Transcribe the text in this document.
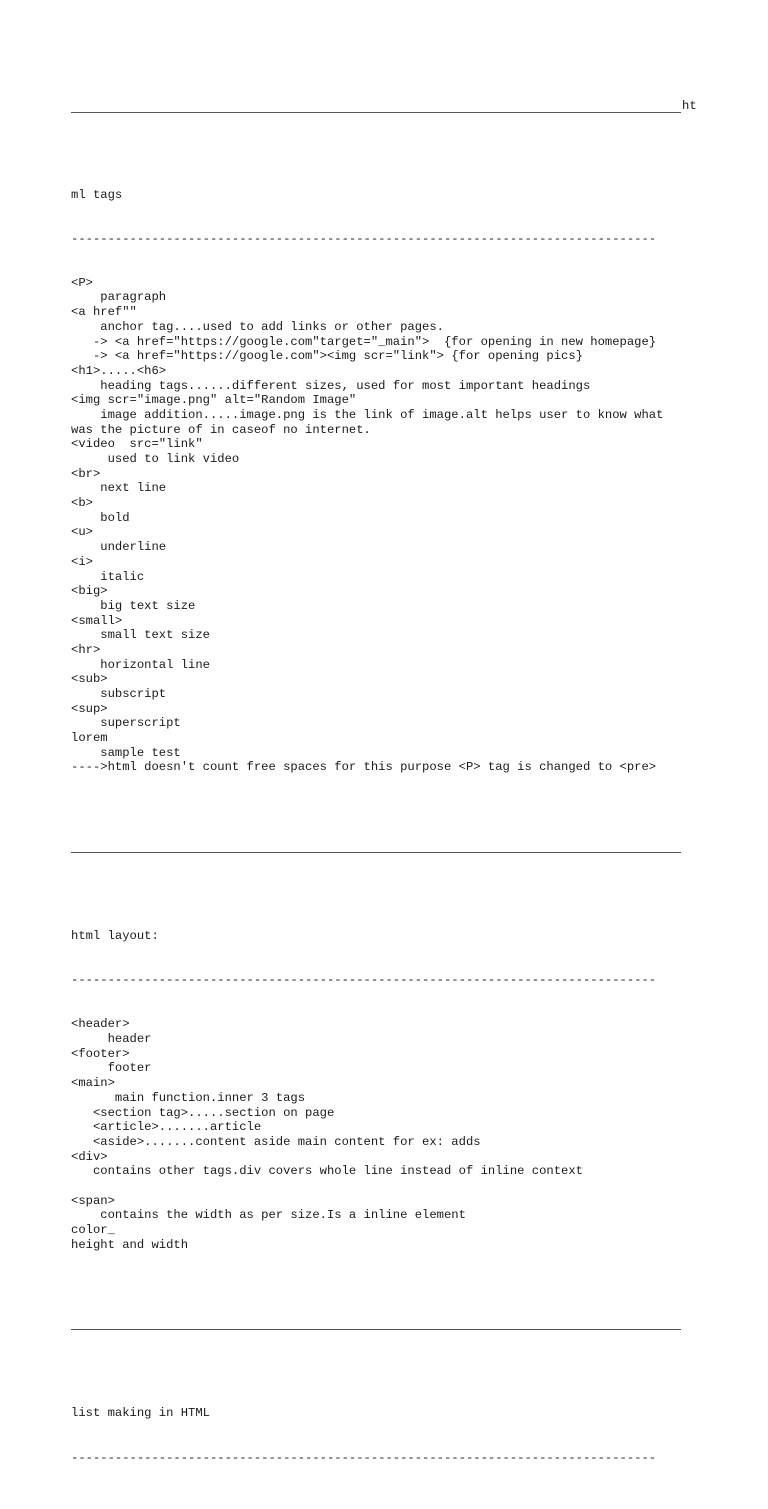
ht

ml tags

--------------------------------------------------------------------------------

<P>
paragraph
<a href""
anchor tag....used to add links or other pages.
-> <a href="https://google.com"target="_main">  {for opening in new homepage}
-> <a href="https://google.com"><img scr="link"> {for opening pics}
<h1>.....<h6>
heading tags......different sizes, used for most important headings
<img scr="image.png" alt="Random Image"
image addition.....image.png is the link of image.alt helps user to know what
was the picture of in caseof no internet.
<video  src="link"
used to link video
<br>
next line
<b>
bold
<u>
underline
<i>
italic
<big>
big text size
<small>
small text size
<hr>
horizontal line
<sub>
subscript
<sup>
superscript
lorem
sample test
---->html doesn't count free spaces for this purpose <P> tag is changed to <pre>

html layout:

--------------------------------------------------------------------------------

<header>
header
<footer>
footer
<main>
main function.inner 3 tags
<section tag>.....section on page
<article>.......article
<aside>.......content aside main content for ex: adds
<div>
contains other tags.div covers whole line instead of inline context
<span>
contains the width as per size.Is a inline element
color_
height and width

list making in HTML

--------------------------------------------------------------------------------
